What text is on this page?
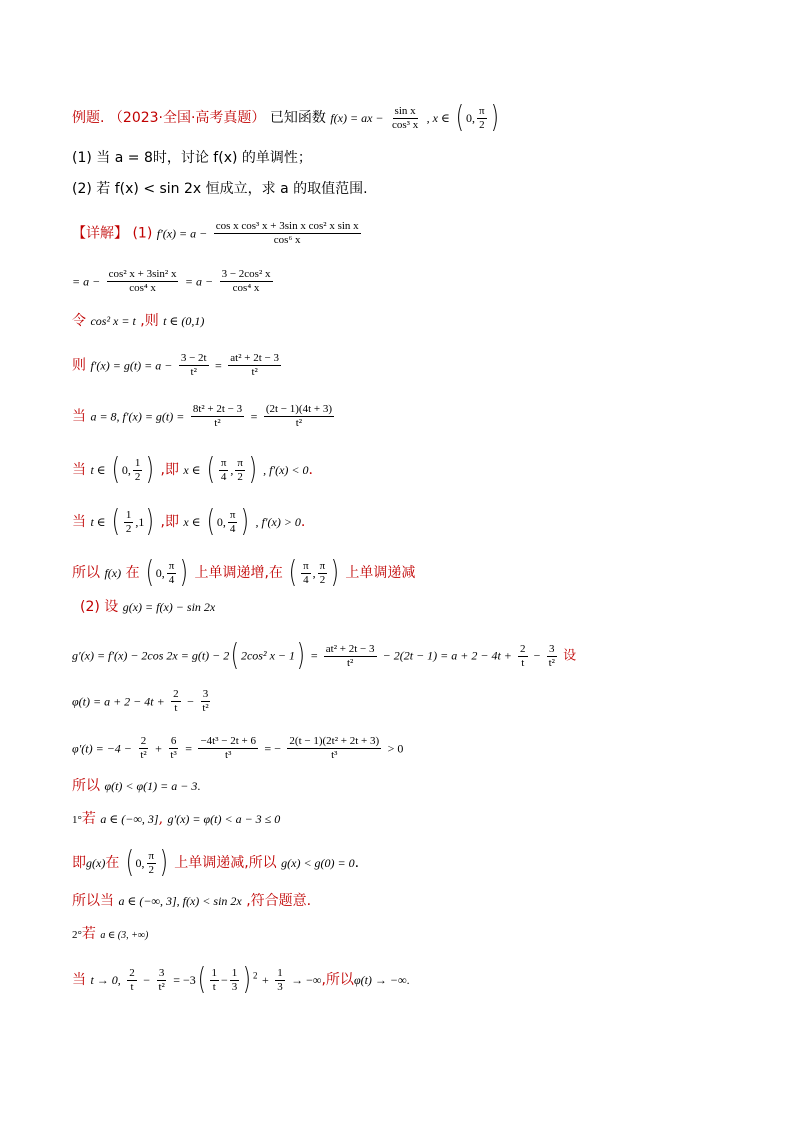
例题. （2023·全国·高考真题） 已知函数 f(x) = ax − $\frac{\text{sin x}}{\text{cos³ x}}$ , x ∈ ( 0, $\frac{\pi}{2}$ )
(1) 当 a = 8时，讨论 f(x) 的单调性；
(2) 若 f(x) < sin 2x 恒成立，求 a 的取值范围.
【详解】 (1) $f'(x) = a - \frac{\text{cos x cos³ x + 3sin x cos² x sin x}}{\text{cos⁶ x}}$
= $a - \frac{\text{cos² x + 3sin² x}}{\text{cos⁴ x}} = a - \frac{\text{3 − 2cos² x}}{\text{cos⁴ x}}$
令 cos² x = t ,则 t ∈ (0,1)
则 $f'(x) = g(t) = a - \frac{3 - 2t}{\text{t²}} = \frac{\text{at² + 2t − 3}}{\text{t²}}$
当 a = 8, $f'(x) = g(t) = \frac{\text{8t² + 2t − 3}}{\text{t²}} = \frac{(2t - 1)(4t + 3)}{\text{t²}}$
当 t ∈ ( 0, $\frac{1}{2}$ ) ,即 x ∈ ( $\frac{\pi}{4}$ , $\frac{\pi}{2}$ ) , f′(x) < 0.
当 t ∈ ( $\frac{1}{2} ,1$) ,即 x ∈ ( 0, $\frac{\pi}{4}$ ) , f′(x) > 0.
所以 f(x) 在 ( 0, $\frac{\pi}{4}$ ) 上单调递增,在 ( $\frac{\pi}{4}$ , $\frac{\pi}{2}$ ) 上单调递减
(2) 设 g(x) = f(x) − sin 2x
g′(x) = f′(x) − 2cos 2x = g(t) − 2( 2cos² $x - 1) = \frac{\text{at² + 2t − 3}}{\text{t²}} - 2(2t - 1) = a + 2 - 4t + \frac{2}{t} - \frac{3}{\text{t²}}$ 设
$\varphi(t) = a + 2 - 4t + \frac{2}{t} - \frac{3}{\text{t²}}$
$\varphi'(t) = -4 - \frac{2}{\text{t²}} + \frac{6}{\text{t³}} = \frac{\text{−4t³ − 2t + 6}}{\text{t³}}$ = − $\frac{\text{2(t − 1)(2t² + 2t + 3)}}{\text{t³}} > 0$
所以 φ(t) < φ(1) = a − 3.
1°若 a ∈ (−∞, 3], g′(x) = φ(t) < a − 3 ≤ 0
即g(x)在 ( 0, $\frac{\pi}{2}$ ) 上单调递减,所以 g(x) < g(0) = 0.
所以当 a ∈ (−∞, 3], f(x) < sin 2x ,符合题意.
2°若 a ∈ (3, +∞)
当 t → 0, $\frac{2}{t} - \frac{3}{\text{t²}} = -3( \frac{1}{t} - \frac{1}{3}$ ) $^2 + \frac{1}{3}$ → −∞,所以φ(t) → −∞.
